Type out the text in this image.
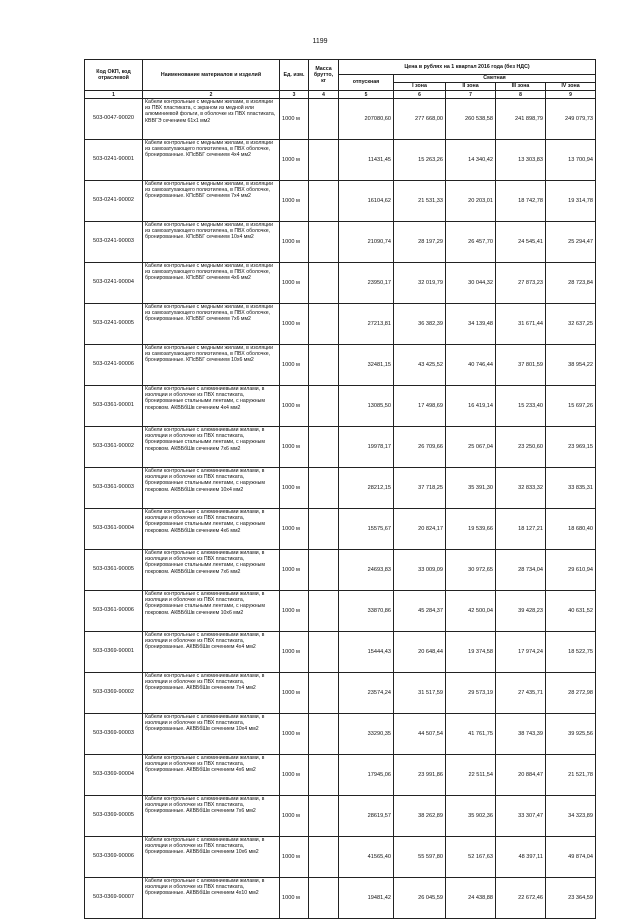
1199
Код ОКП, код отраслевой	Наименование материалов и изделий	Ед. изм.	Масса брутто, кг	Цена в рублях на 1 квартал 2016 года (без НДС)				
				отпускная	Сметная			
					I зона	II зона	III зона	IV зона
1	2	3	4	5	6	7	8	9
503-0047-90020	Кабели контрольные с медными жилами, в изоляции из ПВХ пластиката, с экраном из медной или алюминиевой фольги, в оболочке из ПВХ пластиката, КВВГЭ сечением 61х1 мм2	1000 м		207080,60	277 668,00	260 538,58	241 898,79	249 079,73
503-0241-90001	Кабели контрольные с медными жилами, в изоляции из самозатухающего полиэтилена, в ПВХ оболочке, бронированные. КПсВБГ сечением 4х4 мм2	1000 м		11431,45	15 263,26	14 340,42	13 303,83	13 700,94
503-0241-90002	Кабели контрольные с медными жилами, в изоляции из самозатухающего полиэтилена, в ПВХ оболочке, бронированные. КПсВБГ сечением 7х4 мм2	1000 м		16104,62	21 531,33	20 203,01	18 742,78	19 314,78
503-0241-90003	Кабели контрольные с медными жилами, в изоляции из самозатухающего полиэтилена, в ПВХ оболочке, бронированные. КПсВБГ сечением 10х4 мм2	1000 м		21090,74	28 197,29	26 457,70	24 545,41	25 294,47
503-0241-90004	Кабели контрольные с медными жилами, в изоляции из самозатухающего полиэтилена, в ПВХ оболочке, бронированные. КПсВБГ сечением 4х6 мм2	1000 м		23950,17	32 019,79	30 044,32	27 873,23	28 723,84
503-0241-90005	Кабели контрольные с медными жилами, в изоляции из самозатухающего полиэтилена, в ПВХ оболочке, бронированные. КПсВБГ сечением 7х6 мм2	1000 м		27213,81	36 382,39	34 139,48	31 671,44	32 637,25
503-0241-90006	Кабели контрольные с медными жилами, в изоляции из самозатухающего полиэтилена, в ПВХ оболочке, бронированные. КПсВБГ сечением 10х6 мм2	1000 м		32481,15	43 425,52	40 746,44	37 801,59	38 954,22
503-0361-90001	Кабели контрольные с алюминиевыми жилами, в изоляции и оболочке из ПВХ пластиката, бронированные стальными лентами, с наружным покровом. АКВБбШв сечением 4х4 мм2	1000 м		13085,50	17 498,69	16 419,14	15 233,40	15 697,26
503-0361-90002	Кабели контрольные с алюминиевыми жилами, в изоляции и оболочке из ПВХ пластиката, бронированные стальными лентами, с наружным покровом. АКВБбШв сечением 7х6 мм2	1000 м		19978,17	26 709,66	25 067,04	23 250,60	23 969,15
503-0361-90003	Кабели контрольные с алюминиевыми жилами, в изоляции и оболочке из ПВХ пластиката, бронированные стальными лентами, с наружным покровом. АКВБбШв сечением 10х4 мм2	1000 м		28212,15	37 718,25	35 391,30	32 833,32	33 835,31
503-0361-90004	Кабели контрольные с алюминиевыми жилами, в изоляции и оболочке из ПВХ пластиката, бронированные стальными лентами, с наружным покровом. АКВБбШв сечением 4х6 мм2	1000 м		15575,67	20 824,17	19 539,66	18 127,21	18 680,40
503-0361-90005	Кабели контрольные с алюминиевыми жилами, в изоляции и оболочке из ПВХ пластиката, бронированные стальными лентами, с наружным покровом. АКВБбШв сечением 7х6 мм2	1000 м		24693,83	33 009,09	30 972,65	28 734,04	29 610,94
503-0361-90006	Кабели контрольные с алюминиевыми жилами, в изоляции и оболочке из ПВХ пластиката, бронированные стальными лентами, с наружным покровом. АКВБбШв сечением 10х6 мм2	1000 м		33870,86	45 284,37	42 500,04	39 428,23	40 631,52
503-0369-90001	Кабели контрольные с алюминиевыми жилами, в изоляции и оболочке из ПВХ пластиката, бронированные. АКВБбШв сечением 4х4 мм2	1000 м		15444,43	20 648,44	19 374,58	17 974,24	18 522,75
503-0369-90002	Кабели контрольные с алюминиевыми жилами, в изоляции и оболочке из ПВХ пластиката, бронированные. АКВБбШв сечением 7х4 мм2	1000 м		23574,24	31 517,59	29 573,19	27 435,71	28 272,98
503-0369-90003	Кабели контрольные с алюминиевыми жилами, в изоляции и оболочке из ПВХ пластиката, бронированные. АКВБбШв сечением 10х4 мм2	1000 м		33290,35	44 507,54	41 761,75	38 743,39	39 925,56
503-0369-90004	Кабели контрольные с алюминиевыми жилами, в изоляции и оболочке из ПВХ пластиката, бронированные. АКВБбШв сечением 4х6 мм2	1000 м		17945,06	23 991,86	22 511,54	20 884,47	21 521,78
503-0369-90005	Кабели контрольные с алюминиевыми жилами, в изоляции и оболочке из ПВХ пластиката, бронированные. АКВБбШв сечением 7х6 мм2	1000 м		28619,57	38 262,89	35 902,36	33 307,47	34 323,89
503-0369-90006	Кабели контрольные с алюминиевыми жилами, в изоляции и оболочке из ПВХ пластиката, бронированные. АКВБбШв сечением 10х6 мм2	1000 м		41565,40	55 597,80	52 167,63	48 397,11	49 874,04
503-0369-90007	Кабели контрольные с алюминиевыми жилами, в изоляции и оболочке из ПВХ пластиката, бронированные. АКВБбШв сечением 4х10 мм2	1000 м		19481,42	26 045,59	24 438,88	22 672,46	23 364,59
